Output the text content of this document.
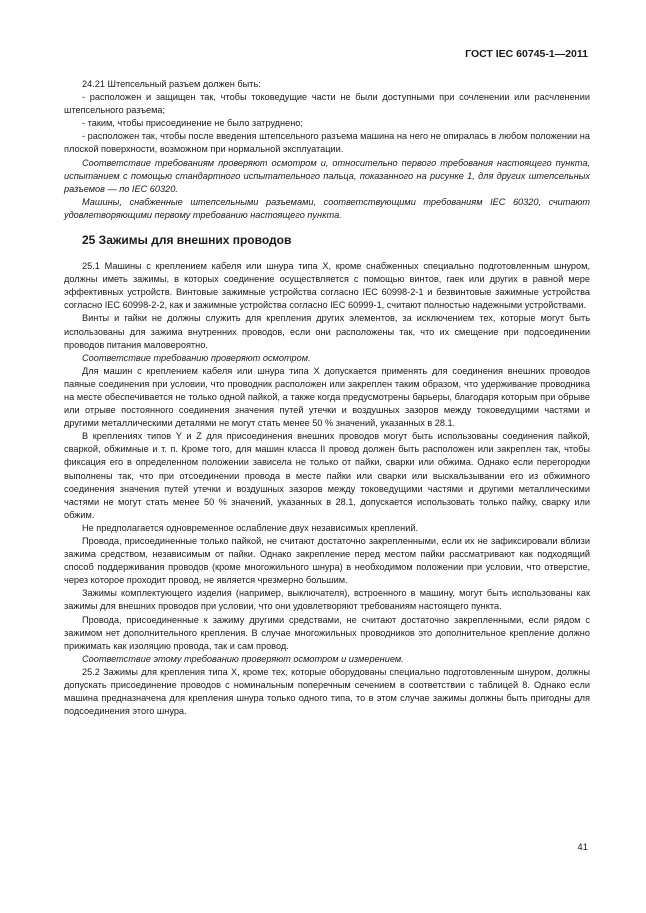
ГОСТ IEC 60745-1—2011

24.21 Штепсельный разъем должен быть:

- расположен и защищен так, чтобы токоведущие части не были доступными при сочленении или расчленении штепсельного разъема;

- таким, чтобы присоединение не было затруднено;

- расположен так, чтобы после введения штепсельного разъема машина на него не опиралась в любом положении на плоской поверхности, возможном при нормальной эксплуатации.

Соответствие требованиям проверяют осмотром и, относительно первого требования настоящего пункта, испытанием с помощью стандартного испытательного пальца, показанного на рисунке 1, для других штепсельных разъемов — по IEC 60320.

Машины, снабженные штепсельными разъемами, соответствующими требованиям IEC 60320, считают удовлетворяющими первому требованию настоящего пункта.

25 Зажимы для внешних проводов

25.1 Машины с креплением кабеля или шнура типа X, кроме снабженных специально подготовленным шнуром, должны иметь зажимы, в которых соединение осуществляется с помощью винтов, гаек или других в равной мере эффективных устройств. Винтовые зажимные устройства согласно IEC 60998-2-1 и безвинтовые зажимные устройства согласно IEC 60998-2-2, как и зажимные устройства согласно IEC 60999-1, считают полностью надежными устройствами.

Винты и гайки не должны служить для крепления других элементов, за исключением тех, которые могут быть использованы для зажима внутренних проводов, если они расположены так, что их смещение при подсоединении проводов питания маловероятно.

Соответствие требованию проверяют осмотром.

Для машин с креплением кабеля или шнура типа X допускается применять для соединения внешних проводов паяные соединения при условии, что проводник расположен или закреплен таким образом, что удерживание проводника на месте обеспечивается не только одной пайкой, а также когда предусмотрены барьеры, благодаря которым при обрыве или отрыве постоянного соединения значения путей утечки и воздушных зазоров между токоведущими частями и другими металлическими деталями не могут стать менее 50 % значений, указанных в 28.1.

В креплениях типов Y и Z для присоединения внешних проводов могут быть использованы соединения пайкой, сваркой, обжимные и т. п. Кроме того, для машин класса II провод должен быть расположен или закреплен так, чтобы фиксация его в определенном положении зависела не только от пайки, сварки или обжима. Однако если перегородки выполнены так, что при отсоединении провода в месте пайки или сварки или выскальзывании его из обжимного соединения значения путей утечки и воздушных зазоров между токоведущими частями и другими металлическими частями не могут стать менее 50 % значений, указанных в 28.1, допускается использовать только пайку, сварку или обжим.

Не предполагается одновременное ослабление двух независимых креплений.

Провода, присоединенные только пайкой, не считают достаточно закрепленными, если их не зафиксировали вблизи зажима средством, независимым от пайки. Однако закрепление перед местом пайки рассматривают как подходящий способ поддерживания проводов (кроме многожильного шнура) в необходимом положении при условии, что отверстие, через которое проходит провод, не является чрезмерно большим.

Зажимы комплектующего изделия (например, выключателя), встроенного в машину, могут быть использованы как зажимы для внешних проводов при условии, что они удовлетворяют требованиям настоящего пункта.

Провода, присоединенные к зажиму другими средствами, не считают достаточно закрепленными, если рядом с зажимом нет дополнительного крепления. В случае многожильных проводников это дополнительное крепление должно прижимать как изоляцию провода, так и сам провод.

Соответствие этому требованию проверяют осмотром и измерением.

25.2 Зажимы для крепления типа X, кроме тех, которые оборудованы специально подготовленным шнуром, должны допускать присоединение проводов с номинальным поперечным сечением в соответствии с таблицей 8. Однако если машина предназначена для крепления шнура только одного типа, то в этом случае зажимы должны быть пригодны для подсоединения этого шнура.

41
